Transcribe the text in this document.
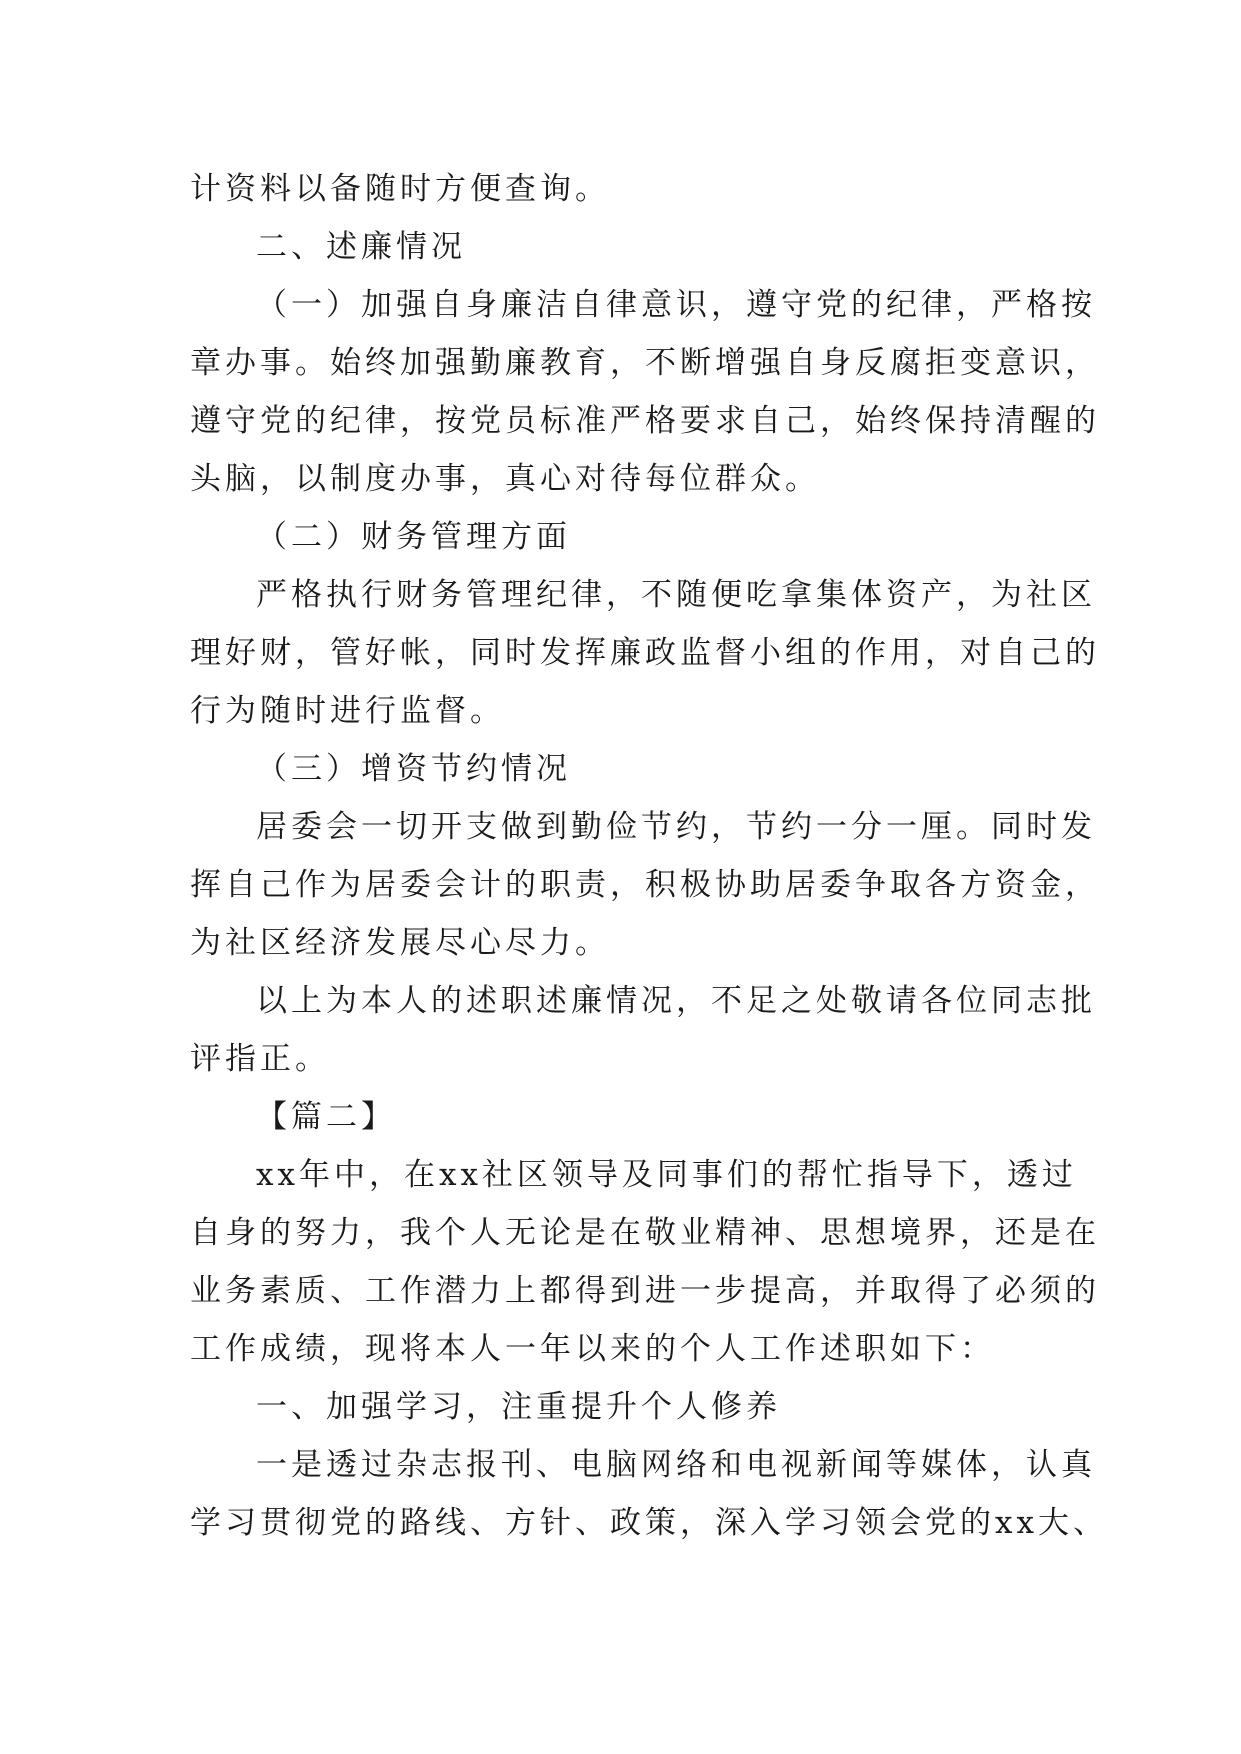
计资料以备随时方便查询。
二、述廉情况
（一）加强自身廉洁自律意识，遵守党的纪律，严格按
章办事。始终加强勤廉教育，不断增强自身反腐拒变意识，
遵守党的纪律，按党员标准严格要求自己，始终保持清醒的
头脑，以制度办事，真心对待每位群众。
（二）财务管理方面
严格执行财务管理纪律，不随便吃拿集体资产，为社区
理好财，管好帐，同时发挥廉政监督小组的作用，对自己的
行为随时进行监督。
（三）增资节约情况
居委会一切开支做到勤俭节约，节约一分一厘。同时发
挥自己作为居委会计的职责，积极协助居委争取各方资金，
为社区经济发展尽心尽力。
以上为本人的述职述廉情况，不足之处敬请各位同志批
评指正。
【篇二】
xx年中，在xx社区领导及同事们的帮忙指导下，透过
自身的努力，我个人无论是在敬业精神、思想境界，还是在
业务素质、工作潜力上都得到进一步提高，并取得了必须的
工作成绩，现将本人一年以来的个人工作述职如下：
一、加强学习，注重提升个人修养
一是透过杂志报刊、电脑网络和电视新闻等媒体，认真
学习贯彻党的路线、方针、政策，深入学习领会党的xx大、
